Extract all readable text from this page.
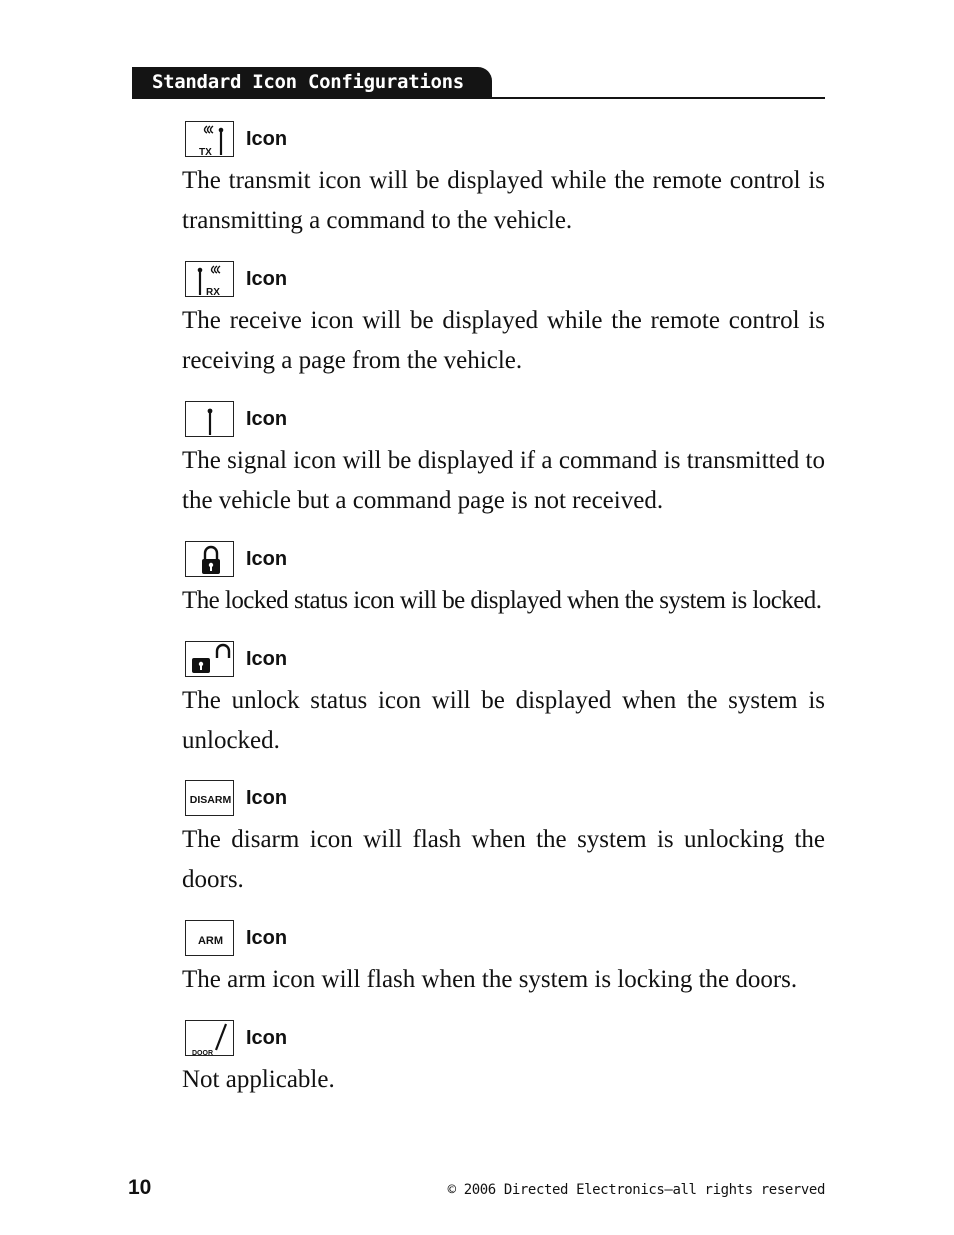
Standard Icon Configurations
TX
Icon

The transmit icon will be displayed while the remote control is transmitting a command to the vehicle.

RX
Icon

The receive icon will be displayed while the remote control is receiving a page from the vehicle.

Icon

The signal icon will be displayed if a command is transmitted to the vehicle but a command page is not received.

Icon

The locked status icon will be displayed when the system is locked.

Icon

The unlock status icon will be displayed when the system is unlocked.

DISARM Icon

The disarm icon will flash when the system is unlocking the doors.

ARM Icon

The arm icon will flash when the system is locking the doors.

DOOR
Icon

Not applicable.

10	© 2006 Directed Electronics—all rights reserved
